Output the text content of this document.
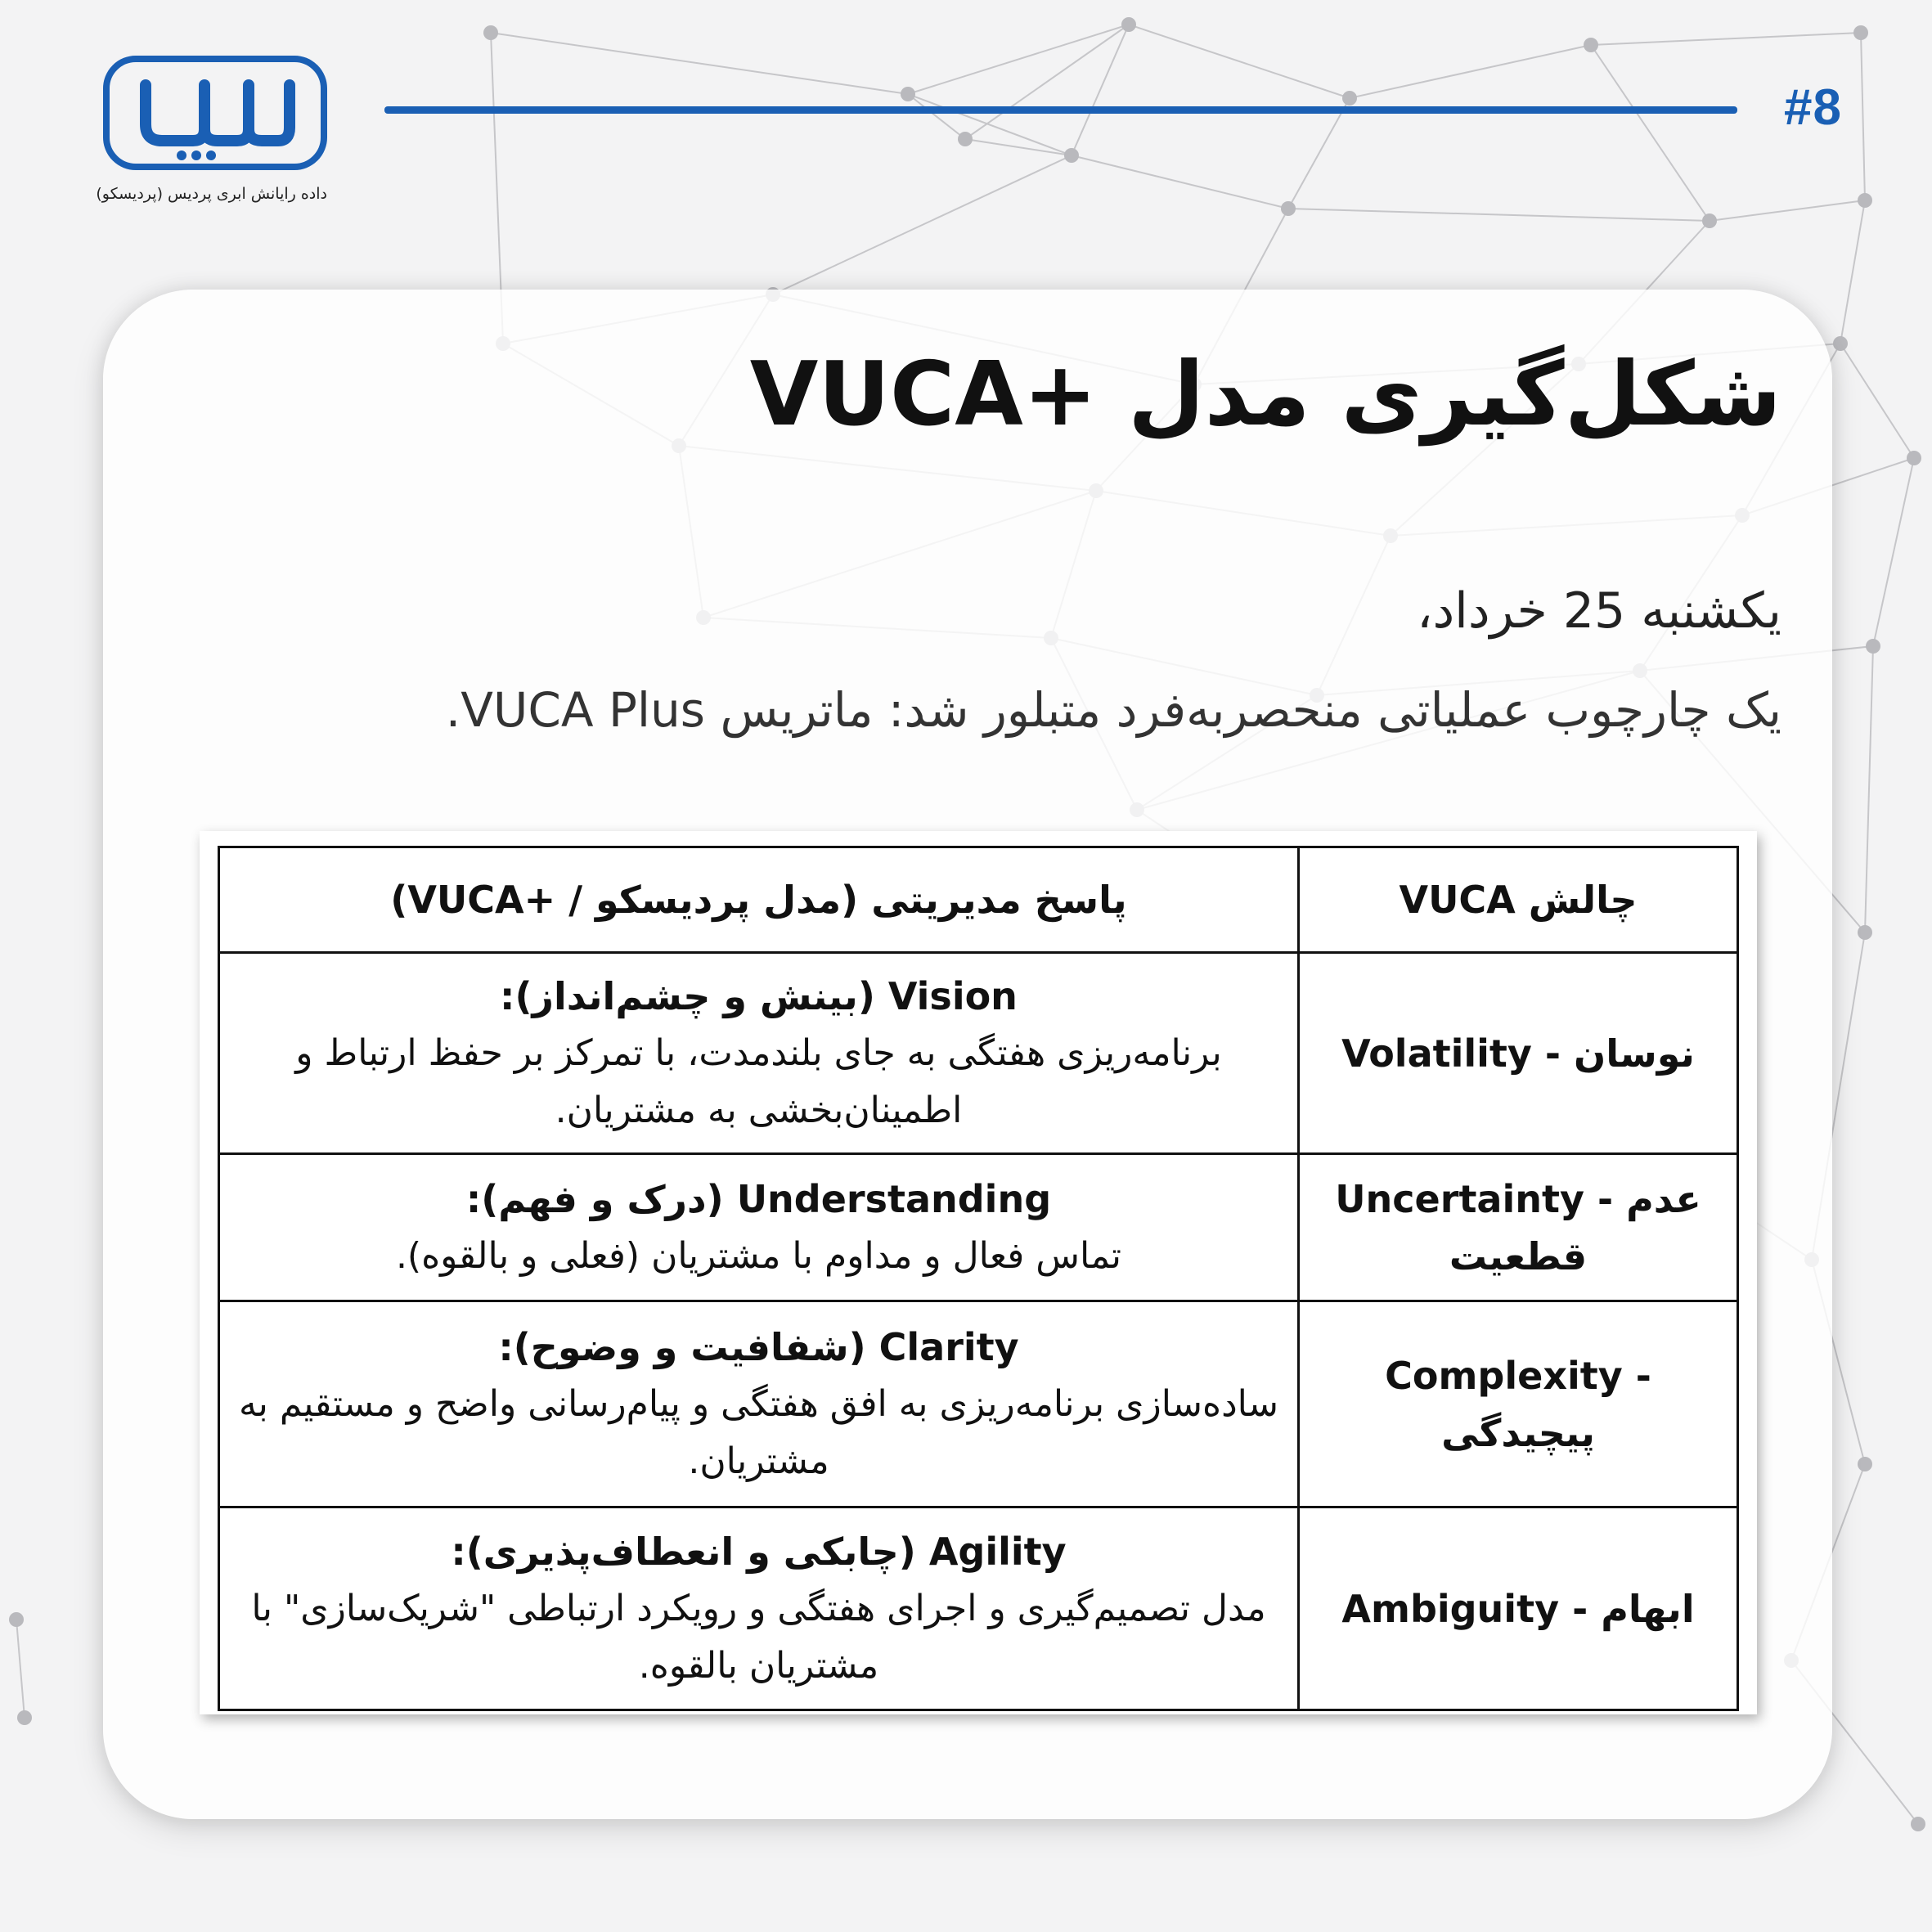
داده رایانش ابری پردیس (پردیسکو)
#8
شکل‌گیری مدل +VUCA

یکشنبه 25 خرداد،

یک چارچوب عملیاتی منحصربه‌فرد متبلور شد: ماتریس VUCA Plus.

چالش VUCA	پاسخ مدیریتی (مدل پردیسکو / +VUCA)
Volatility - نوسان	Vision (بینش و چشم‌انداز):
برنامه‌ریزی هفتگی به جای بلندمدت، با تمرکز بر حفظ ارتباط و اطمینان‌بخشی به مشتریان.

Uncertainty - عدم قطعیت	Understanding (درک و فهم):
تماس فعال و مداوم با مشتریان (فعلی و بالقوه).

Complexity - پیچیدگی	Clarity (شفافیت و وضوح):
ساده‌سازی برنامه‌ریزی به افق هفتگی و پیام‌رسانی واضح و مستقیم به مشتریان.

Ambiguity - ابهام	Agility (چابکی و انعطاف‌پذیری):
مدل تصمیم‌گیری و اجرای هفتگی و رویکرد ارتباطی "شریک‌سازی" با مشتریان بالقوه.
